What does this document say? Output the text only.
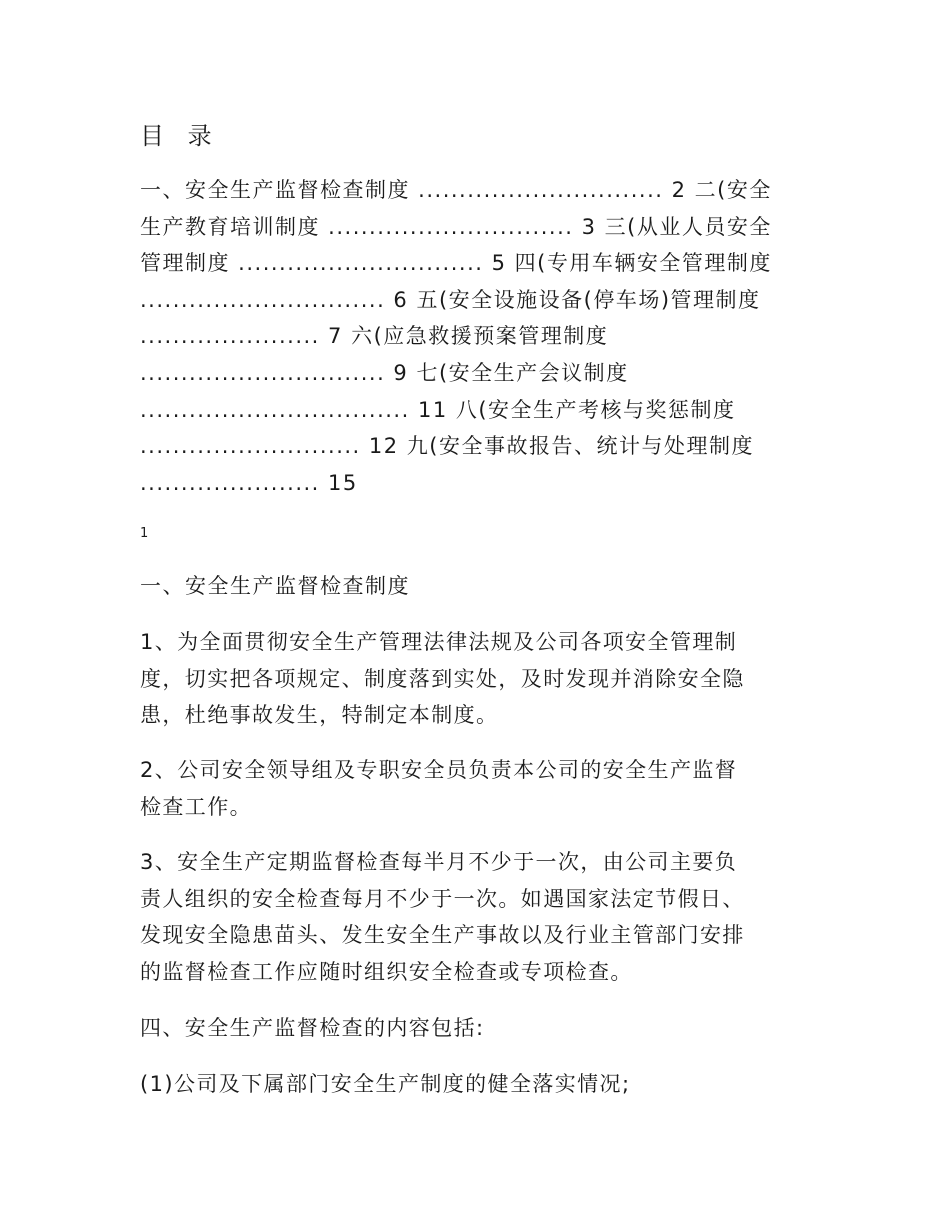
目 录
一、安全生产监督检查制度 .............................. 2 二(安全
生产教育培训制度 .............................. 3 三(从业人员安全
管理制度 .............................. 5 四(专用车辆安全管理制度
.............................. 6 五(安全设施设备(停车场)管理制度
...................... 7 六(应急救援预案管理制度
.............................. 9 七(安全生产会议制度
................................. 11 八(安全生产考核与奖惩制度
........................... 12 九(安全事故报告、统计与处理制度
...................... 15
1
一、安全生产监督检查制度
1、为全面贯彻安全生产管理法律法规及公司各项安全管理制
度，切实把各项规定、制度落到实处，及时发现并消除安全隐
患，杜绝事故发生，特制定本制度。
2、公司安全领导组及专职安全员负责本公司的安全生产监督
检查工作。
3、安全生产定期监督检查每半月不少于一次，由公司主要负
责人组织的安全检查每月不少于一次。如遇国家法定节假日、
发现安全隐患苗头、发生安全生产事故以及行业主管部门安排
的监督检查工作应随时组织安全检查或专项检查。
四、安全生产监督检查的内容包括:
(1)公司及下属部门安全生产制度的健全落实情况;
